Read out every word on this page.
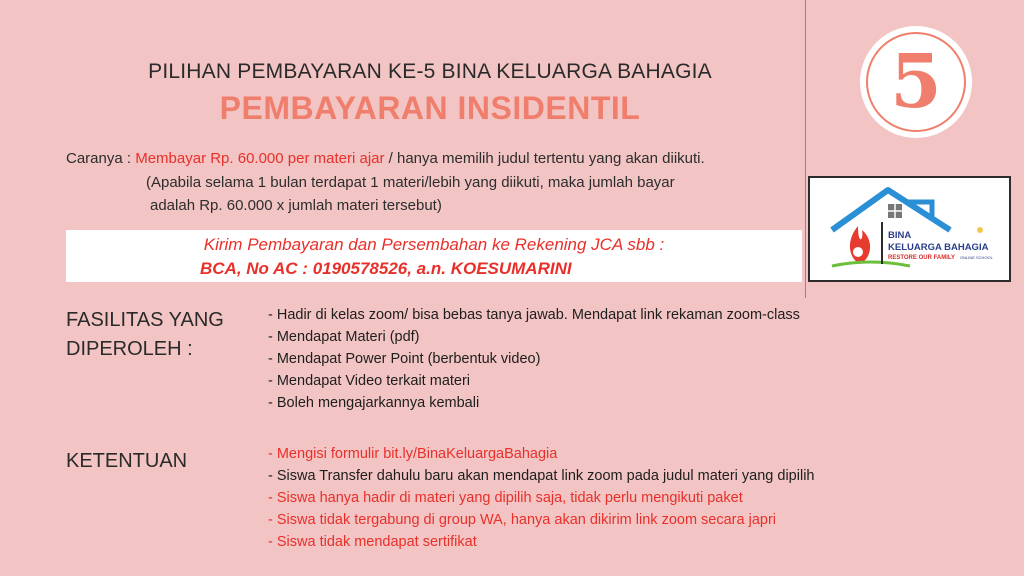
PILIHAN PEMBAYARAN KE-5 BINA KELUARGA BAHAGIA
PEMBAYARAN INSIDENTIL	5
Caranya : Membayar Rp. 60.000 per materi ajar / hanya memilih judul tertentu yang akan diikuti.
(Apabila selama 1 bulan terdapat 1 materi/lebih yang diikuti, maka jumlah bayar
adalah Rp. 60.000 x jumlah materi tersebut)
BINA
KELUARGA BAHAGIA
RESTORE OUR FAMILY ONLINE SCHOOL
Kirim Pembayaran dan Persembahan ke Rekening JCA sbb :
BCA, No AC : 0190578526, a.n. KOESUMARINI
FASILITAS YANG
DIPEROLEH :
- Hadir di kelas zoom/ bisa bebas tanya jawab. Mendapat link rekaman zoom-class
- Mendapat Materi (pdf)
- Mendapat Power Point (berbentuk video)
- Mendapat Video terkait materi
- Boleh mengajarkannya kembali
KETENTUAN	- Mengisi formulir bit.ly/BinaKeluargaBahagia
- Siswa Transfer dahulu baru akan mendapat link zoom pada judul materi yang dipilih
- Siswa hanya hadir di materi yang dipilih saja, tidak perlu mengikuti paket
- Siswa tidak tergabung di group WA, hanya akan dikirim link zoom secara japri
- Siswa tidak mendapat sertifikat
